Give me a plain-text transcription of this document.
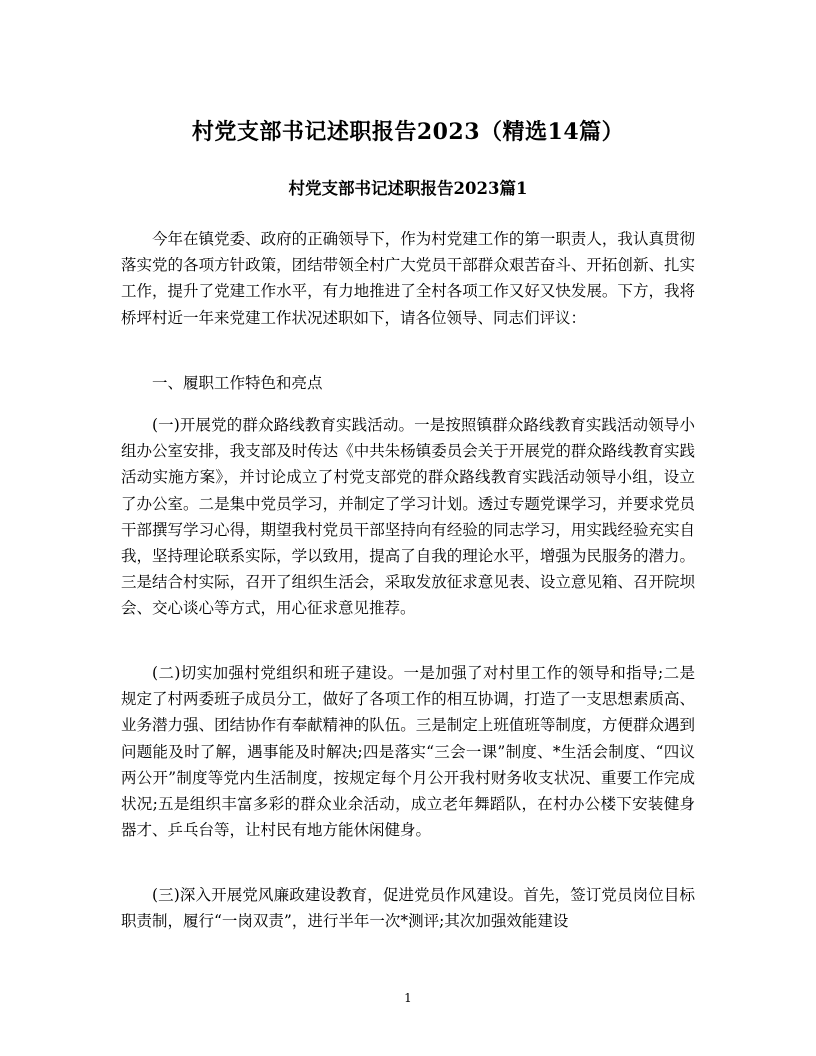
村党支部书记述职报告2023（精选14篇）
村党支部书记述职报告2023篇1

今年在镇党委、政府的正确领导下，作为村党建工作的第一职责人，我认真贯彻落实党的各项方针政策，团结带领全村广大党员干部群众艰苦奋斗、开拓创新、扎实工作，提升了党建工作水平，有力地推进了全村各项工作又好又快发展。下方，我将桥坪村近一年来党建工作状况述职如下，请各位领导、同志们评议：

一、履职工作特色和亮点

(一)开展党的群众路线教育实践活动。一是按照镇群众路线教育实践活动领导小组办公室安排，我支部及时传达《中共朱杨镇委员会关于开展党的群众路线教育实践活动实施方案》，并讨论成立了村党支部党的群众路线教育实践活动领导小组，设立了办公室。二是集中党员学习，并制定了学习计划。透过专题党课学习，并要求党员干部撰写学习心得，期望我村党员干部坚持向有经验的同志学习，用实践经验充实自我，坚持理论联系实际，学以致用，提高了自我的理论水平，增强为民服务的潜力。三是结合村实际，召开了组织生活会，采取发放征求意见表、设立意见箱、召开院坝会、交心谈心等方式，用心征求意见推荐。

(二)切实加强村党组织和班子建设。一是加强了对村里工作的领导和指导;二是规定了村两委班子成员分工，做好了各项工作的相互协调，打造了一支思想素质高、业务潜力强、团结协作有奉献精神的队伍。三是制定上班值班等制度，方便群众遇到问题能及时了解，遇事能及时解决;四是落实“三会一课”制度、*生活会制度、“四议两公开”制度等党内生活制度，按规定每个月公开我村财务收支状况、重要工作完成状况;五是组织丰富多彩的群众业余活动，成立老年舞蹈队，在村办公楼下安装健身器才、乒乓台等，让村民有地方能休闲健身。

(三)深入开展党风廉政建设教育，促进党员作风建设。首先，签订党员岗位目标职责制，履行“一岗双责”，进行半年一次*测评;其次加强效能建设

1
